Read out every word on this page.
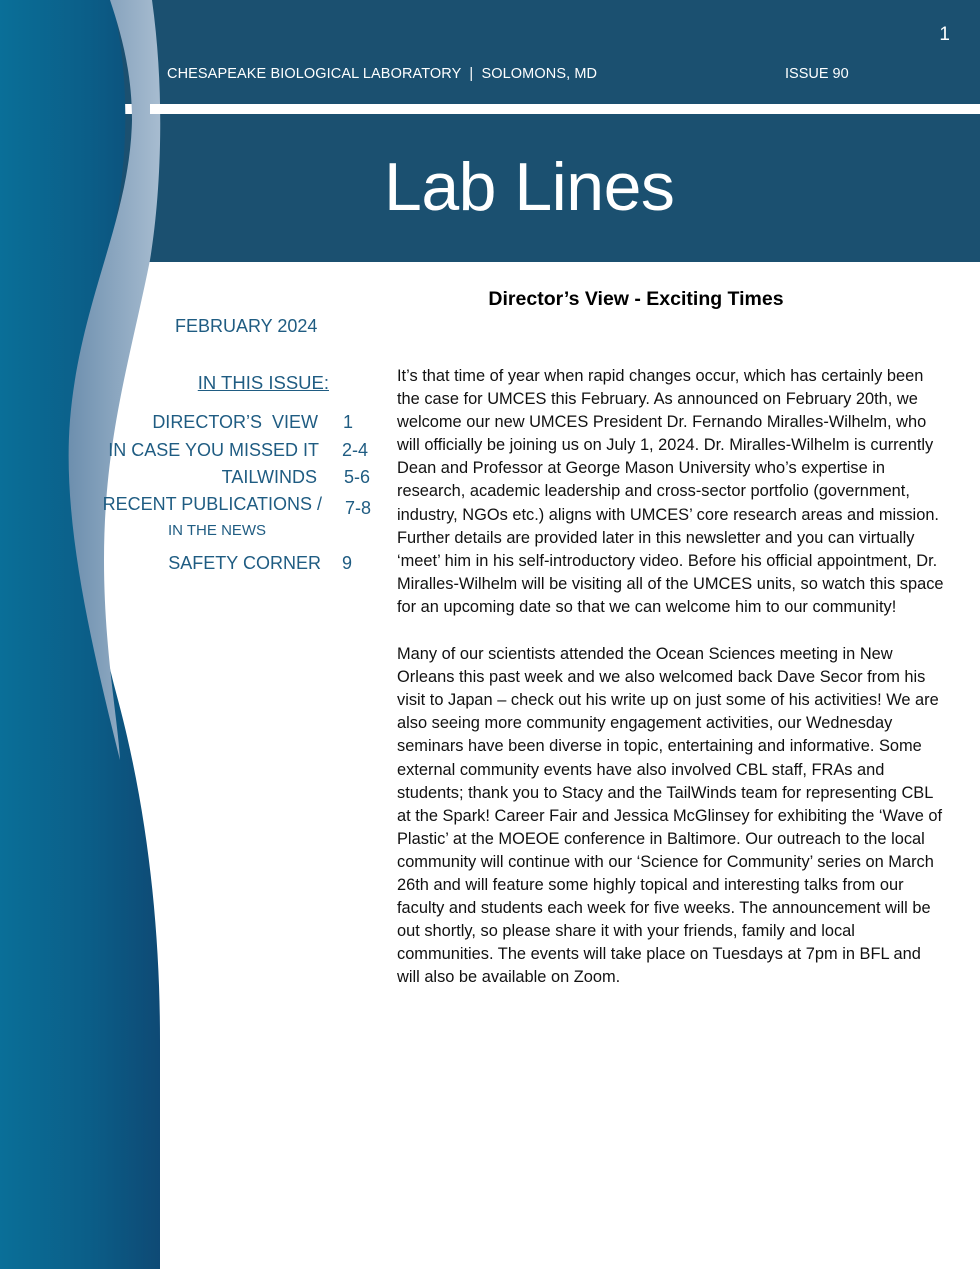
1
CHESAPEAKE BIOLOGICAL LABORATORY  |  SOLOMONS, MD	ISSUE 90
Lab Lines
FEBRUARY 2024
IN THIS ISSUE:
DIRECTOR’S  VIEW 1
IN CASE YOU MISSED IT 2-4
TAILWINDS 5-6
RECENT PUBLICATIONS / 7-8
IN THE NEWS
SAFETY CORNER 9
Director’s View - Exciting Times

It’s that time of year when rapid changes occur, which has certainly been the case for UMCES this February. As announced on February 20th, we welcome our new UMCES President Dr. Fernando Miralles-Wilhelm, who will officially be joining us on July 1, 2024. Dr. Miralles-Wilhelm is currently Dean and Professor at George Mason University who’s expertise in research, academic leadership and cross-sector portfolio (government, industry, NGOs etc.) aligns with UMCES’ core research areas and mission. Further details are provided later in this newsletter and you can virtually ‘meet’ him in his self-introductory video. Before his official appointment, Dr. Miralles-Wilhelm will be visiting all of the UMCES units, so watch this space for an upcoming date so that we can welcome him to our community!

Many of our scientists attended the Ocean Sciences meeting in New Orleans this past week and we also welcomed back Dave Secor from his visit to Japan – check out his write up on just some of his activities! We are also seeing more community engagement activities, our Wednesday seminars have been diverse in topic, entertaining and informative. Some external community events have also involved CBL staff, FRAs and students; thank you to Stacy and the TailWinds team for representing CBL at the Spark! Career Fair and Jessica McGlinsey for exhibiting the ‘Wave of Plastic’ at the MOEOE conference in Baltimore. Our outreach to the local community will continue with our ‘Science for Community’ series on March 26th and will feature some highly topical and interesting talks from our faculty and students each week for five weeks. The announcement will be out shortly, so please share it with your friends, family and local communities. The events will take place on Tuesdays at 7pm in BFL and will also be available on Zoom.
